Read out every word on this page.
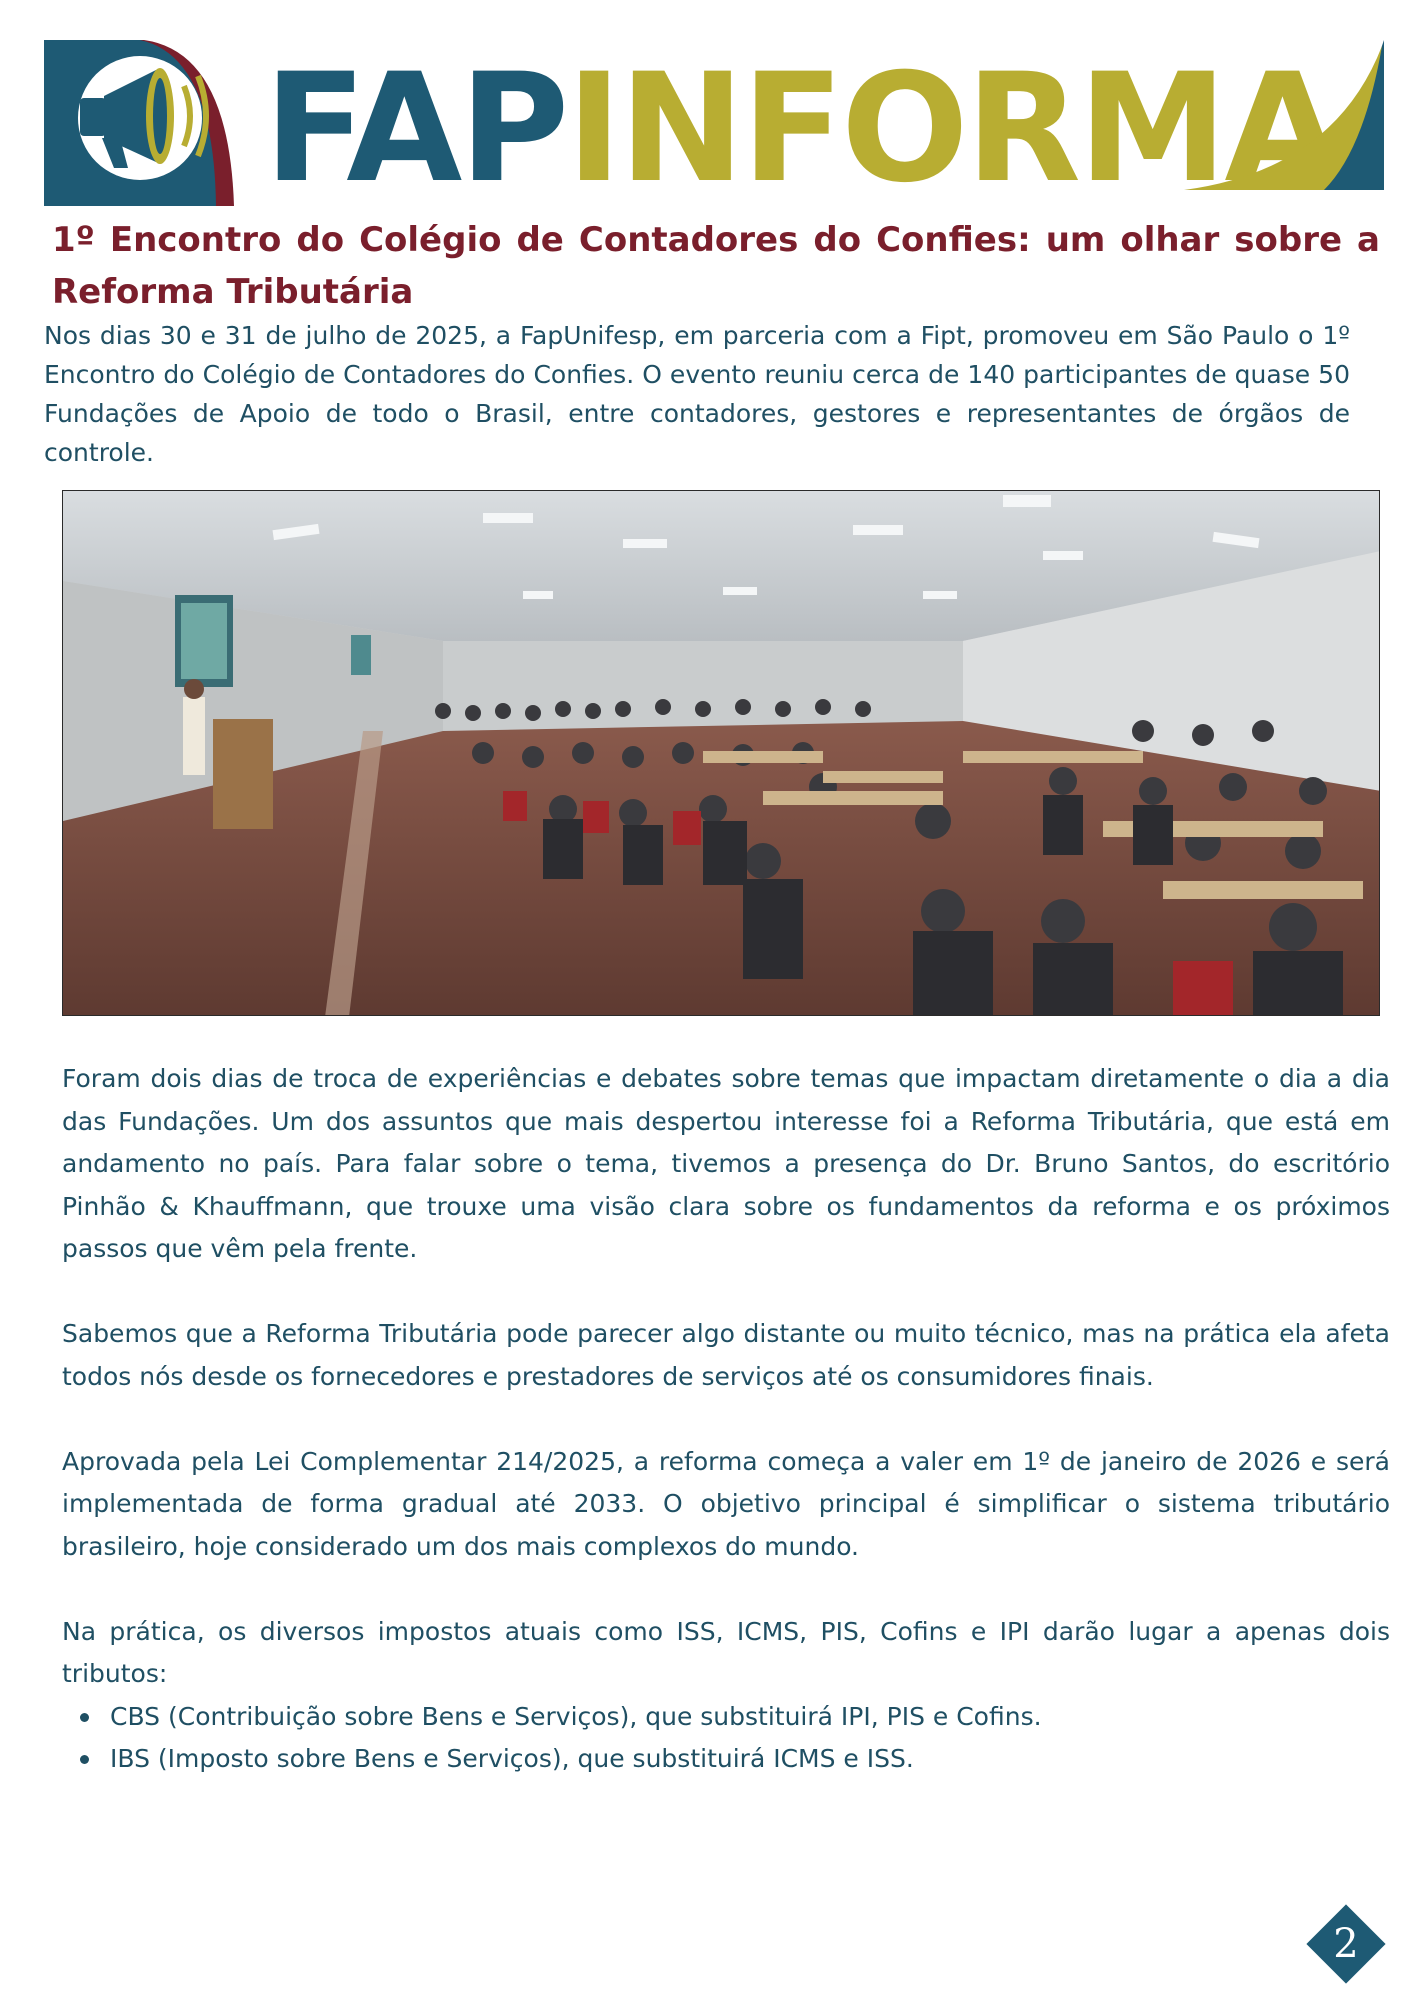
FAPINFORMA
1º Encontro do Colégio de Contadores do Confies: um olhar sobre a Reforma Tributária

Nos dias 30 e 31 de julho de 2025, a FapUnifesp, em parceria com a Fipt, promoveu em São Paulo o 1º Encontro do Colégio de Contadores do Confies. O evento reuniu cerca de 140 participantes de quase 50 Fundações de Apoio de todo o Brasil, entre contadores, gestores e representantes de órgãos de controle.

Foram dois dias de troca de experiências e debates sobre temas que impactam diretamente o dia a dia das Fundações. Um dos assuntos que mais despertou interesse foi a Reforma Tributária, que está em andamento no país. Para falar sobre o tema, tivemos a presença do Dr. Bruno Santos, do escritório Pinhão & Khauffmann, que trouxe uma visão clara sobre os fundamentos da reforma e os próximos passos que vêm pela frente.

Sabemos que a Reforma Tributária pode parecer algo distante ou muito técnico, mas na prática ela afeta todos nós desde os fornecedores e prestadores de serviços até os consumidores finais.

Aprovada pela Lei Complementar 214/2025, a reforma começa a valer em 1º de janeiro de 2026 e será implementada de forma gradual até 2033. O objetivo principal é simplificar o sistema tributário brasileiro, hoje considerado um dos mais complexos do mundo.

Na prática, os diversos impostos atuais como ISS, ICMS, PIS, Cofins e IPI darão lugar a apenas dois tributos:

CBS (Contribuição sobre Bens e Serviços), que substituirá IPI, PIS e Cofins.
IBS (Imposto sobre Bens e Serviços), que substituirá ICMS e ISS.
2
